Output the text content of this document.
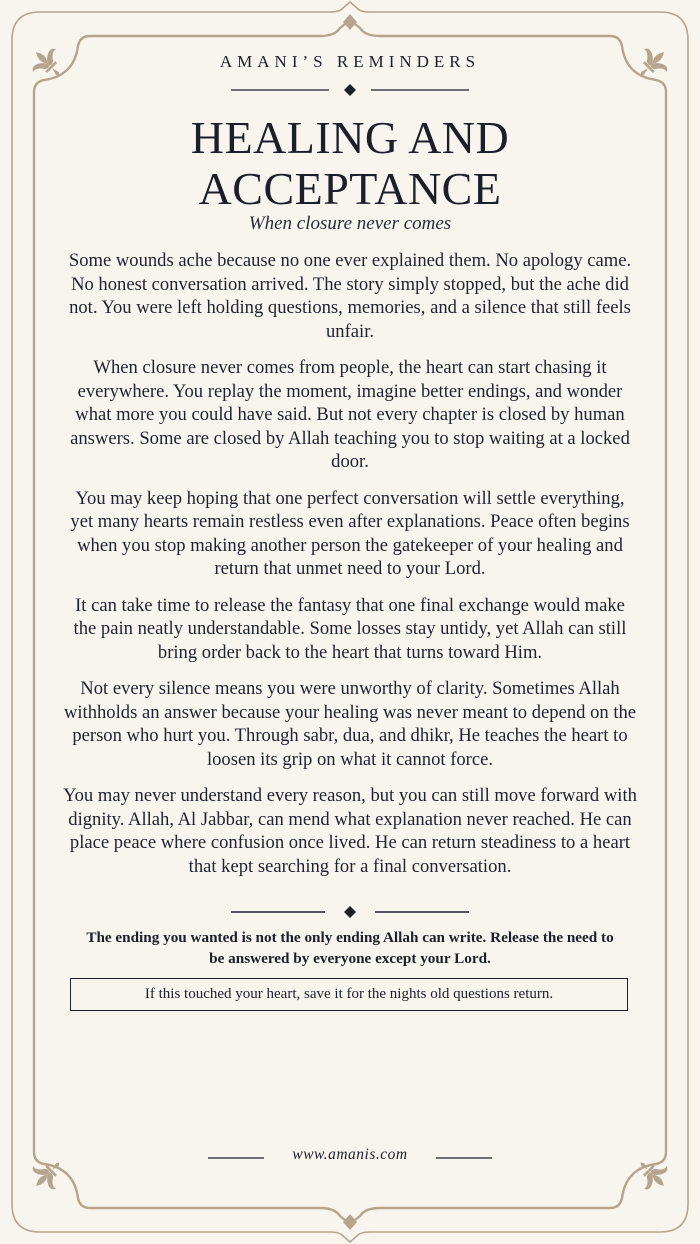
AMANI’S REMINDERS
HEALING AND
ACCEPTANCE
When closure never comes

Some wounds ache because no one ever explained them. No apology came. No honest conversation arrived. The story simply stopped, but the ache did not. You were left holding questions, memories, and a silence that still feels unfair.

When closure never comes from people, the heart can start chasing it everywhere. You replay the moment, imagine better endings, and wonder what more you could have said. But not every chapter is closed by human answers. Some are closed by Allah teaching you to stop waiting at a locked door.

You may keep hoping that one perfect conversation will settle everything, yet many hearts remain restless even after explanations. Peace often begins when you stop making another person the gatekeeper of your healing and return that unmet need to your Lord.

It can take time to release the fantasy that one final exchange would make the pain neatly understandable. Some losses stay untidy, yet Allah can still bring order back to the heart that turns toward Him.

Not every silence means you were unworthy of clarity. Sometimes Allah withholds an answer because your healing was never meant to depend on the person who hurt you. Through sabr, dua, and dhikr, He teaches the heart to loosen its grip on what it cannot force.

You may never understand every reason, but you can still move forward with dignity. Allah, Al Jabbar, can mend what explanation never reached. He can place peace where confusion once lived. He can return steadiness to a heart that kept searching for a final conversation.

The ending you wanted is not the only ending Allah can write. Release the need to be answered by everyone except your Lord.
If this touched your heart, save it for the nights old questions return.
www.amanis.com
